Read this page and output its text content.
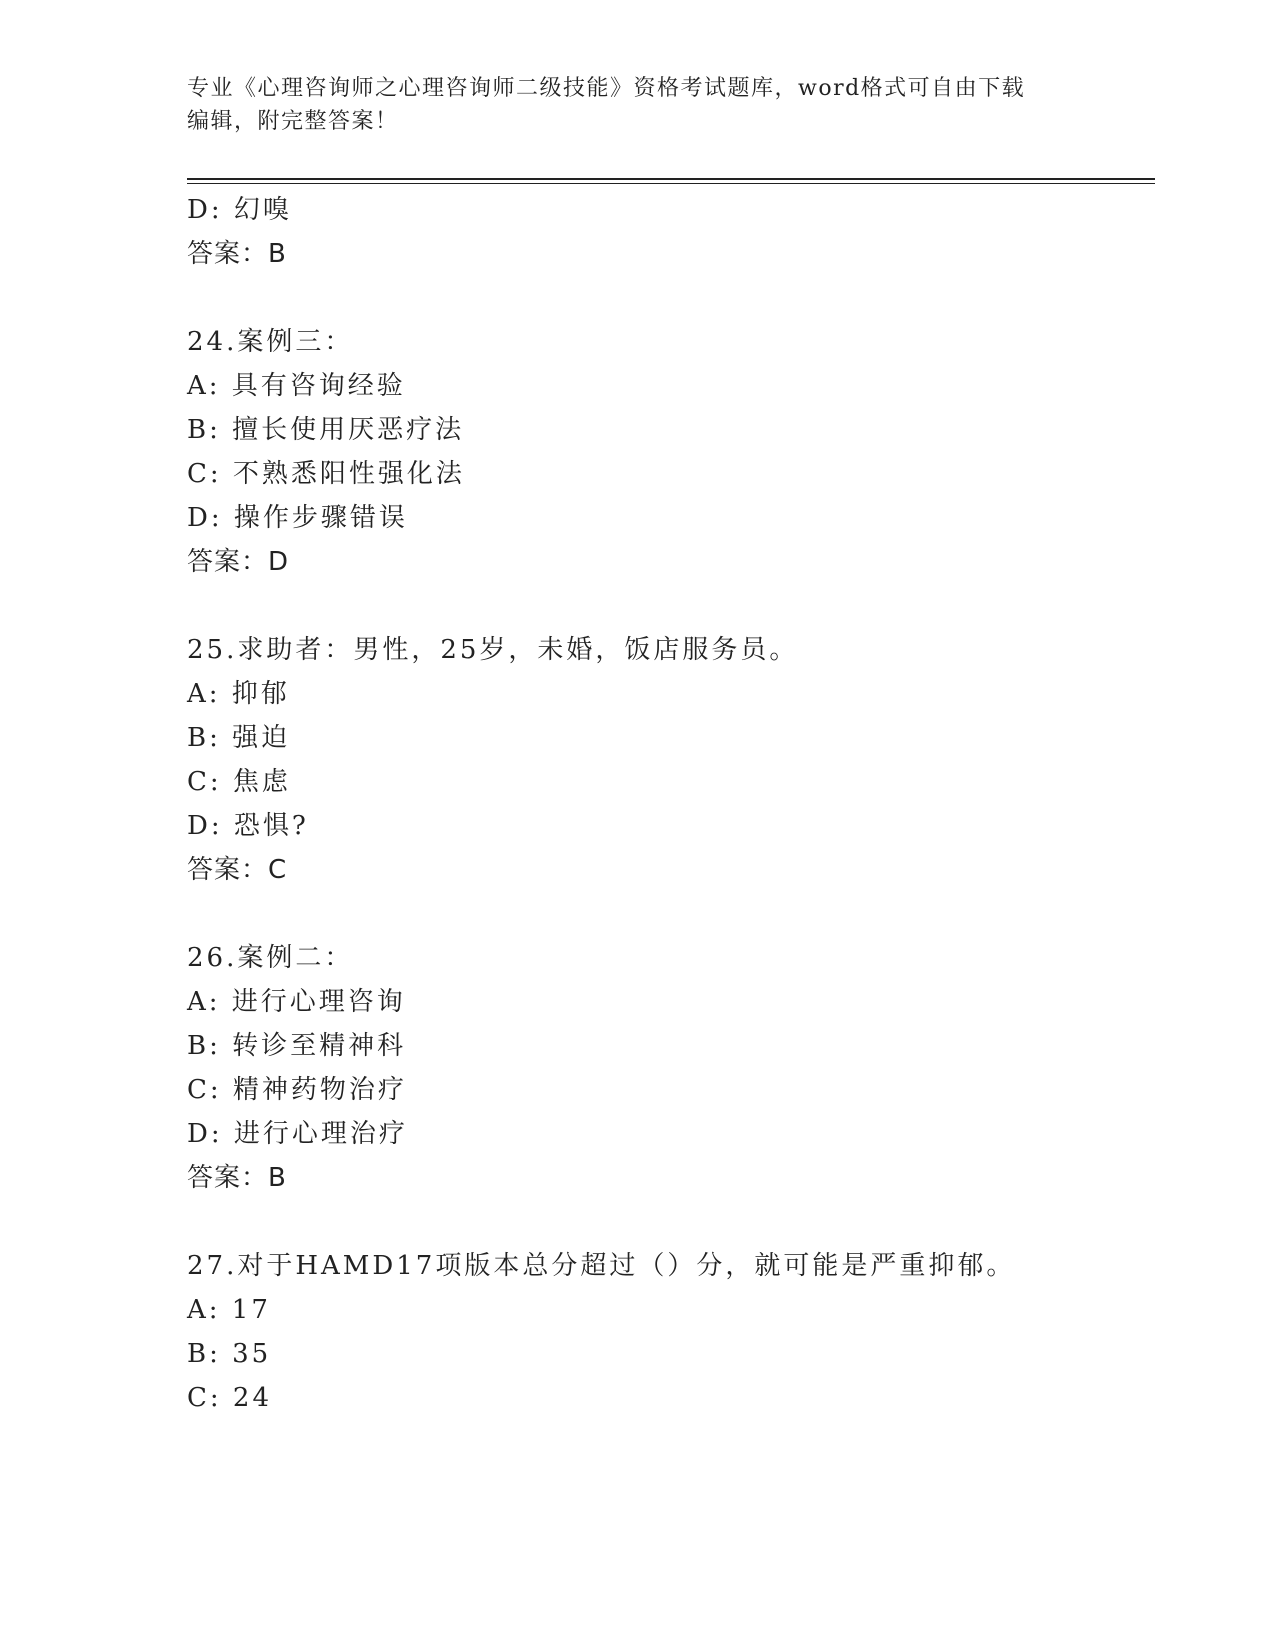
专业《心理咨询师之心理咨询师二级技能》资格考试题库，word格式可自由下载
编辑，附完整答案！
D: 幻嗅
答案：B
24.案例三：
A: 具有咨询经验
B: 擅长使用厌恶疗法
C: 不熟悉阳性强化法
D: 操作步骤错误
答案：D
25.求助者：男性，25岁，未婚，饭店服务员。
A: 抑郁
B: 强迫
C: 焦虑
D: 恐惧?
答案：C
26.案例二：
A: 进行心理咨询
B: 转诊至精神科
C: 精神药物治疗
D: 进行心理治疗
答案：B
27.对于HAMD17项版本总分超过（）分，就可能是严重抑郁。
A: 17
B: 35
C: 24
